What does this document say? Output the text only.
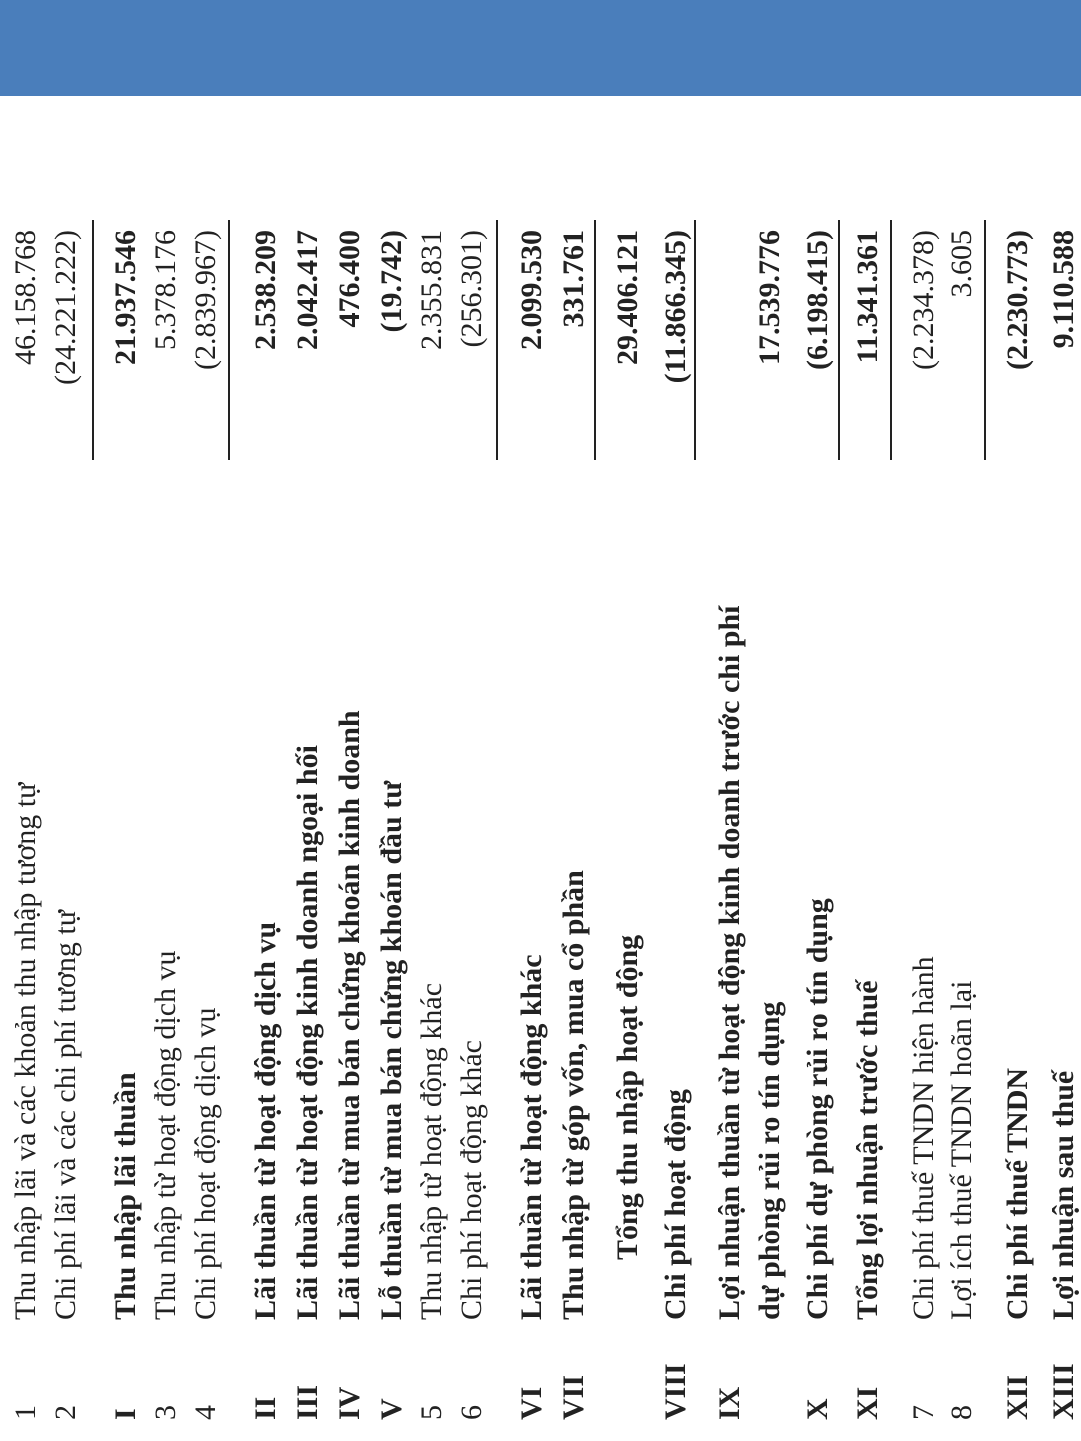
1
Thu nhập lãi và các khoản thu nhập tương tự
46.158.768
2
Chi phí lãi và các chi phí tương tự
(24.221.222)
I
Thu nhập lãi thuần
21.937.546
3
Thu nhập từ hoạt động dịch vụ
5.378.176
4
Chi phí hoạt động dịch vụ
(2.839.967)
II
Lãi thuần từ hoạt động dịch vụ
2.538.209
III
Lãi thuần từ hoạt động kinh doanh ngoại hối
2.042.417
IV
Lãi thuần từ mua bán chứng khoán kinh doanh
476.400
V
Lỗ thuần từ mua bán chứng khoán đầu tư
(19.742)
5
Thu nhập từ hoạt động khác
2.355.831
6
Chi phí hoạt động khác
(256.301)
VI
Lãi thuần từ hoạt động khác
2.099.530
VII
Thu nhập từ góp vốn, mua cổ phần
331.761
Tổng thu nhập hoạt động
29.406.121
VIII
Chi phí hoạt động
(11.866.345)
IX
Lợi nhuận thuần từ hoạt động kinh doanh trước chi phí dự phòng rủi ro tín dụng
17.539.776
X
Chi phí dự phòng rủi ro tín dụng
(6.198.415)
XI
Tổng lợi nhuận trước thuế
11.341.361
7
Chi phí thuế TNDN hiện hành
(2.234.378)
8
Lợi ích thuế TNDN hoãn lại
3.605
XII
Chi phí thuế TNDN
(2.230.773)
XIII
Lợi nhuận sau thuế
9.110.588
